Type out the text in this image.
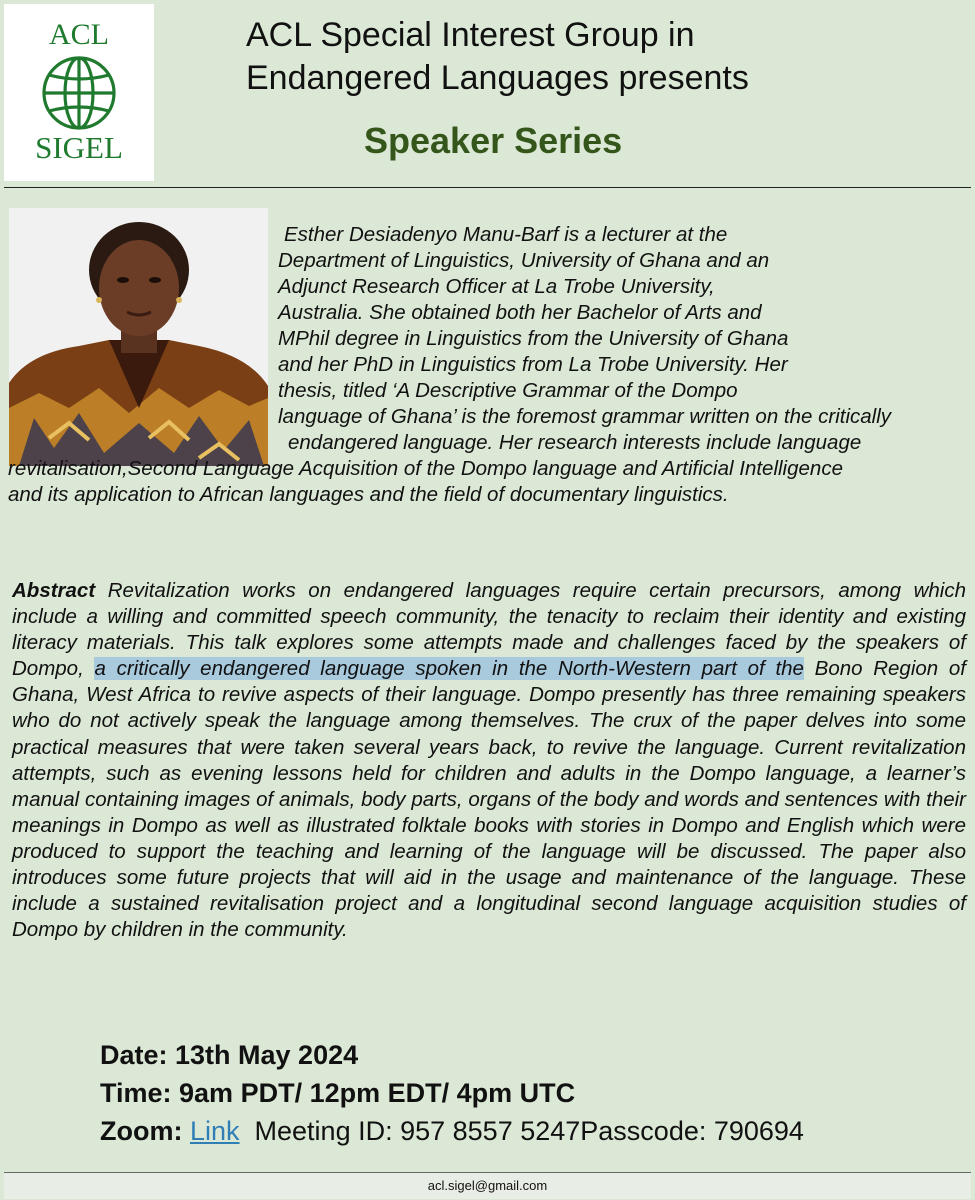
ACL
SIGEL
ACL Special Interest Group in
Endangered Languages presents
Speaker Series
Esther Desiadenyo Manu-Barf is a lecturer at the
Department of Linguistics, University of Ghana and an
Adjunct Research Officer at La Trobe University,
Australia. She obtained both her Bachelor of Arts and
MPhil degree in Linguistics from the University of Ghana
and her PhD in Linguistics from La Trobe University. Her
thesis, titled ‘A Descriptive Grammar of the Dompo
language of Ghana’ is the foremost grammar written on the critically
endangered language. Her research interests include language
revitalisation,Second Language Acquisition of the Dompo language and Artificial Intelligence
and its application to African languages and the field of documentary linguistics.
Abstract Revitalization works on endangered languages require certain precursors, among which include a willing and committed speech community, the tenacity to reclaim their identity and existing literacy materials. This talk explores some attempts made and challenges faced by the speakers of Dompo, a critically endangered language spoken in the North-Western part of the Bono Region of Ghana, West Africa to revive aspects of their language. Dompo presently has three remaining speakers who do not actively speak the language among themselves. The crux of the paper delves into some practical measures that were taken several years back, to revive the language. Current revitalization attempts, such as evening lessons held for children and adults in the Dompo language, a learner’s manual containing images of animals, body parts, organs of the body and words and sentences with their meanings in Dompo as well as illustrated folktale books with stories in Dompo and English which were produced to support the teaching and learning of the language will be discussed. The paper also introduces some future projects that will aid in the usage and maintenance of the language. These include a sustained revitalisation project and a longitudinal second language acquisition studies of Dompo by children in the community.
Date: 13th May 2024
Time: 9am PDT/ 12pm EDT/ 4pm UTC
Zoom: Link  Meeting ID: 957 8557 5247Passcode: 790694
acl.sigel@gmail.com
